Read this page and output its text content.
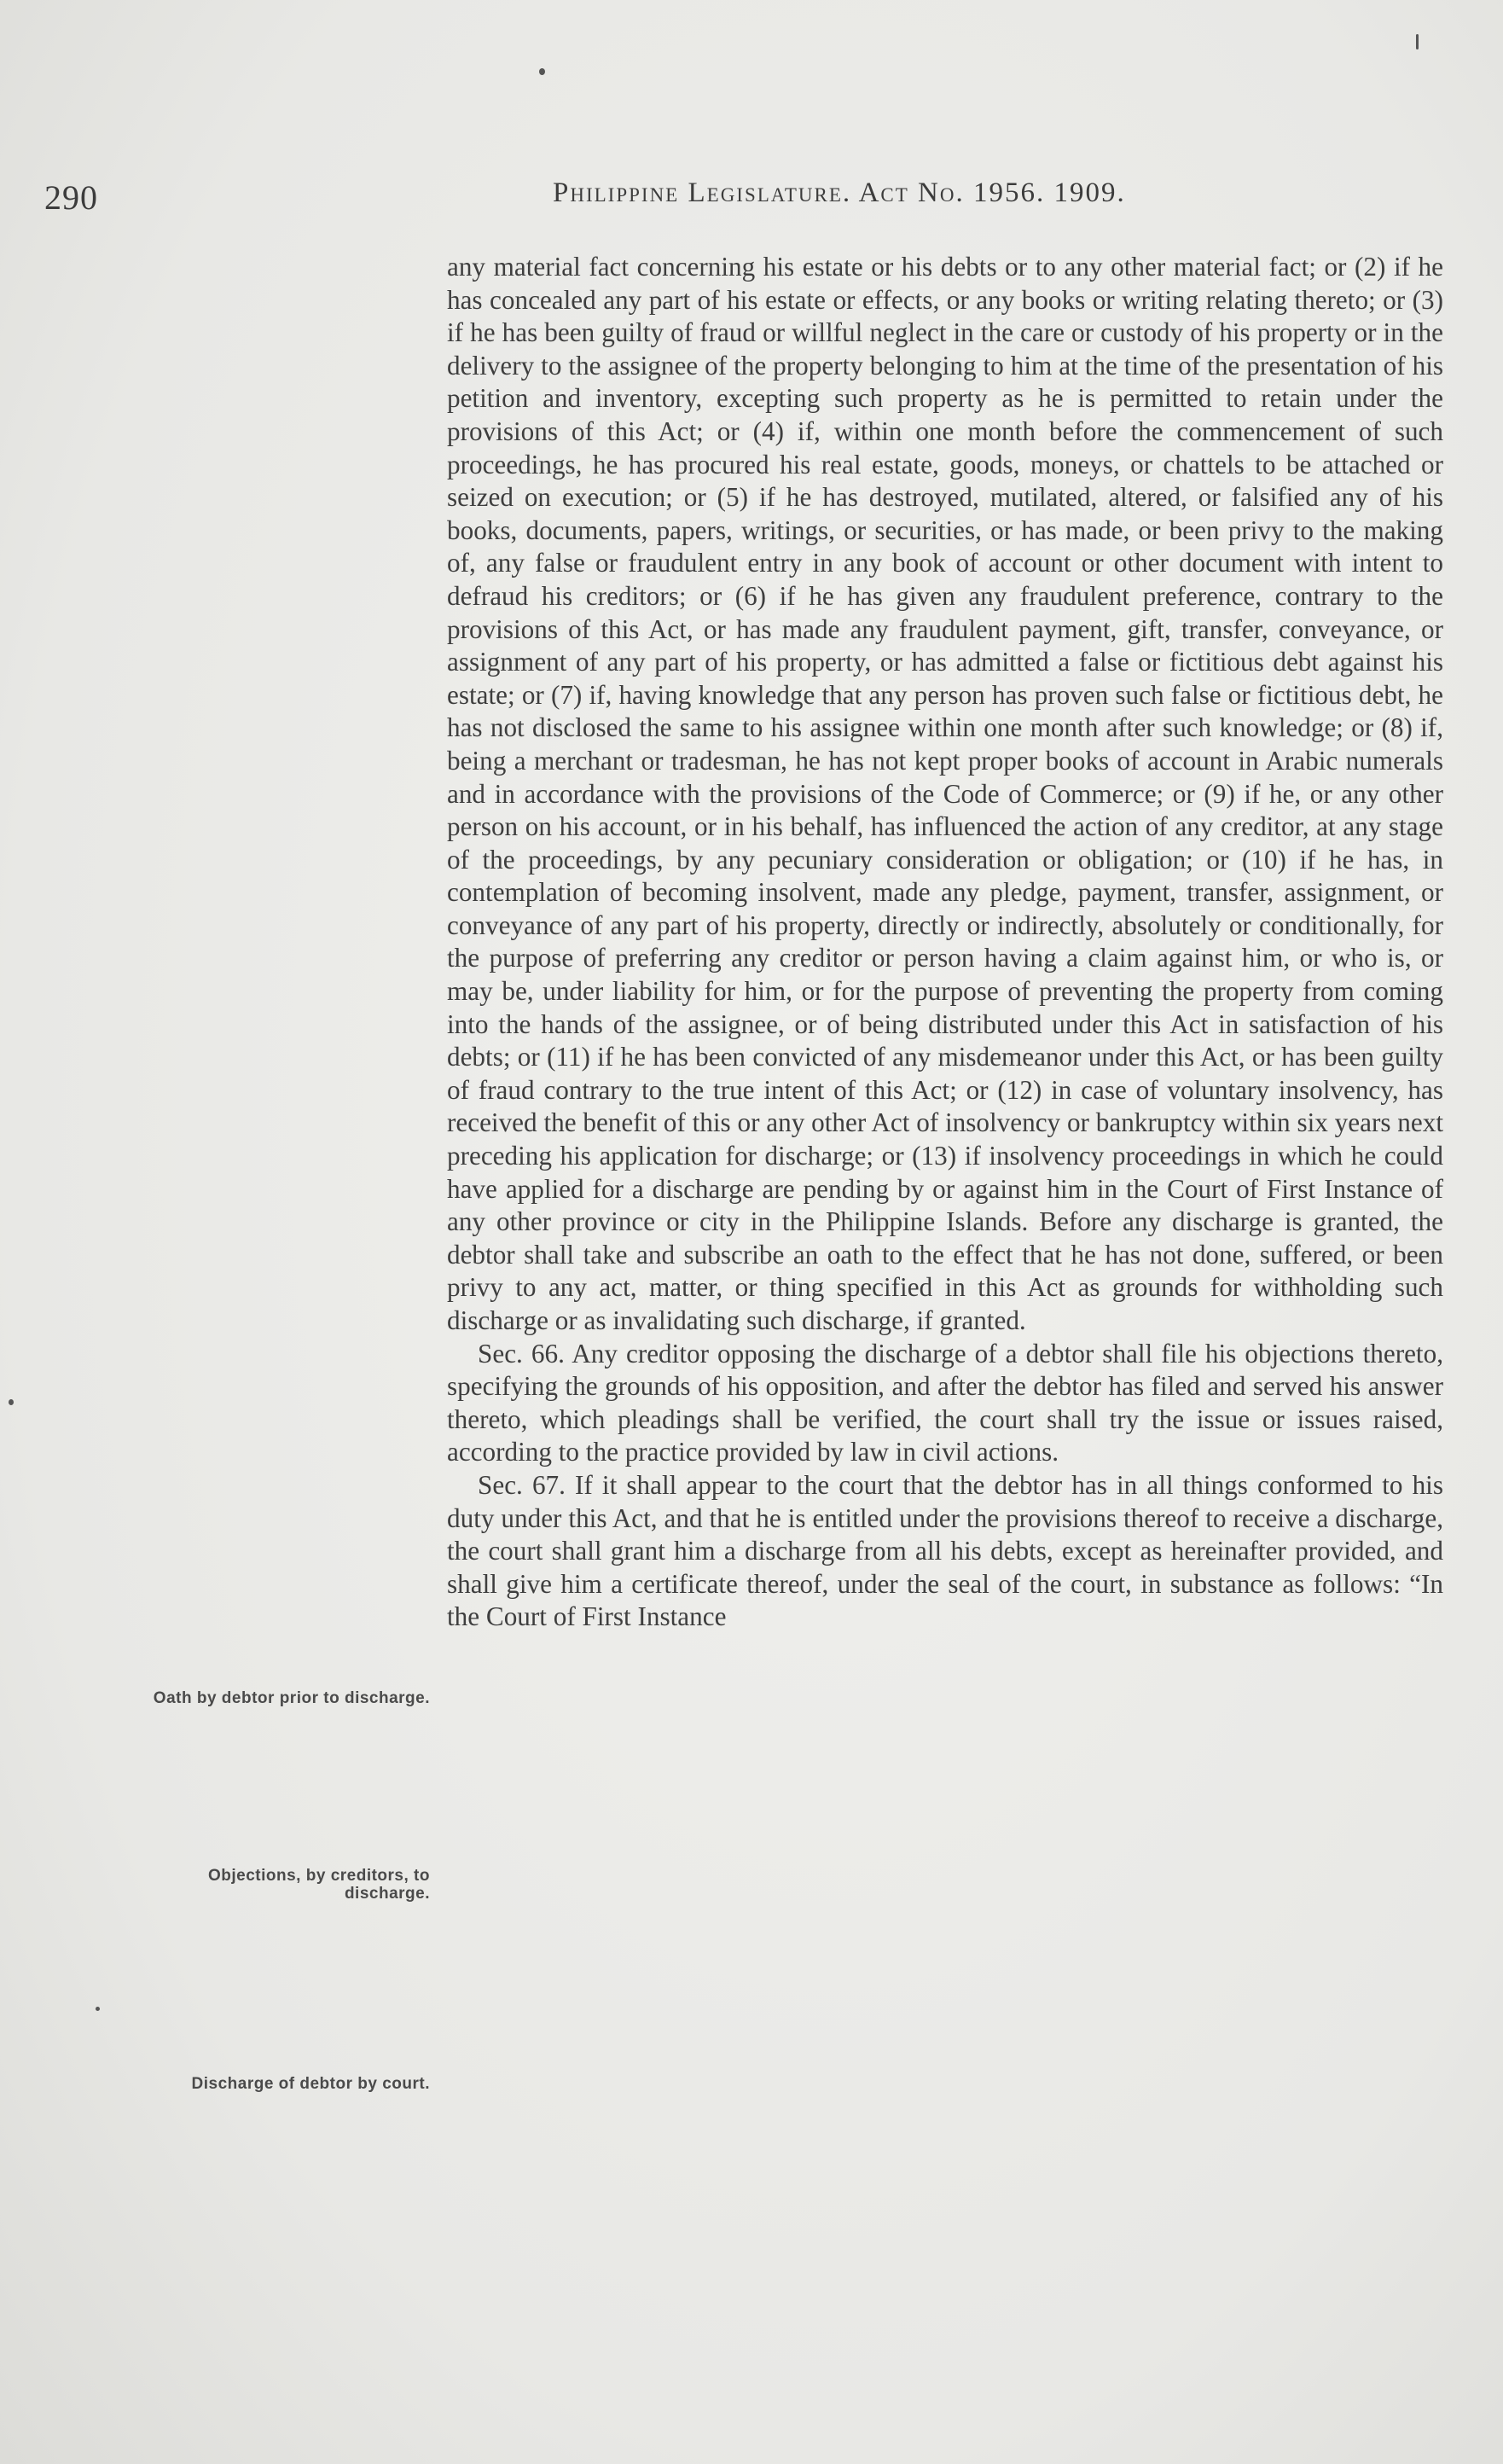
290	Philippine Legislature. Act No. 1956. 1909.
Oath by debtor prior to discharge.
Objections, by creditors, to discharge.
Discharge of debtor by court.

any material fact concerning his estate or his debts or to any other material fact; or (2) if he has concealed any part of his estate or effects, or any books or writing relating thereto; or (3) if he has been guilty of fraud or willful neglect in the care or custody of his property or in the delivery to the assignee of the property belonging to him at the time of the presentation of his petition and inventory, excepting such property as he is permitted to retain under the provisions of this Act; or (4) if, within one month before the commencement of such proceedings, he has procured his real estate, goods, moneys, or chattels to be attached or seized on execution; or (5) if he has destroyed, mutilated, altered, or falsified any of his books, documents, papers, writings, or securities, or has made, or been privy to the making of, any false or fraudulent entry in any book of account or other document with intent to defraud his creditors; or (6) if he has given any fraudulent preference, contrary to the provisions of this Act, or has made any fraudulent payment, gift, transfer, conveyance, or assignment of any part of his property, or has admitted a false or fictitious debt against his estate; or (7) if, having knowledge that any person has proven such false or fictitious debt, he has not disclosed the same to his assignee within one month after such knowledge; or (8) if, being a merchant or tradesman, he has not kept proper books of account in Arabic numerals and in accordance with the provisions of the Code of Commerce; or (9) if he, or any other person on his account, or in his behalf, has influenced the action of any creditor, at any stage of the proceedings, by any pecuniary consideration or obligation; or (10) if he has, in contemplation of becoming insolvent, made any pledge, payment, transfer, assignment, or conveyance of any part of his property, directly or indirectly, absolutely or conditionally, for the purpose of preferring any creditor or person having a claim against him, or who is, or may be, under liability for him, or for the purpose of preventing the property from coming into the hands of the assignee, or of being distributed under this Act in satisfaction of his debts; or (11) if he has been convicted of any misdemeanor under this Act, or has been guilty of fraud contrary to the true intent of this Act; or (12) in case of voluntary insolvency, has received the benefit of this or any other Act of insolvency or bankruptcy within six years next preceding his application for discharge; or (13) if insolvency proceedings in which he could have applied for a discharge are pending by or against him in the Court of First Instance of any other province or city in the Philippine Islands. Before any discharge is granted, the debtor shall take and subscribe an oath to the effect that he has not done, suffered, or been privy to any act, matter, or thing specified in this Act as grounds for withholding such discharge or as invalidating such discharge, if granted.

Sec. 66. Any creditor opposing the discharge of a debtor shall file his objections thereto, specifying the grounds of his opposition, and after the debtor has filed and served his answer thereto, which pleadings shall be verified, the court shall try the issue or issues raised, according to the practice provided by law in civil actions.

Sec. 67. If it shall appear to the court that the debtor has in all things conformed to his duty under this Act, and that he is entitled under the provisions thereof to receive a discharge, the court shall grant him a discharge from all his debts, except as hereinafter provided, and shall give him a certificate thereof, under the seal of the court, in substance as follows: “In the Court of First Instance
